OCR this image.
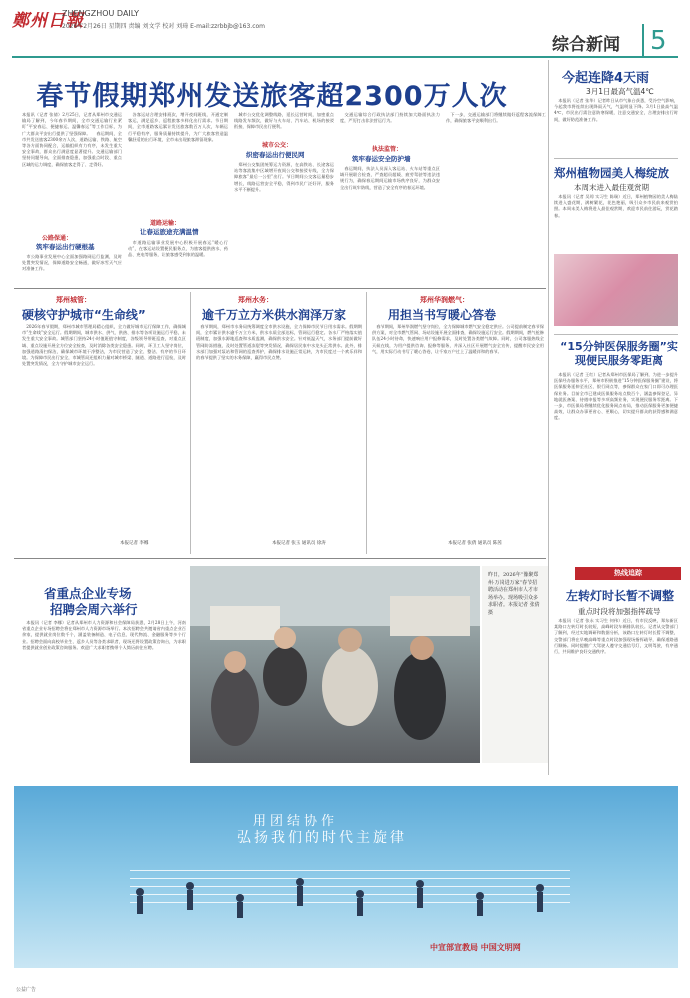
鄭州日報
ZHENGZHOU DAILY
2026年2月26日 星期四 责编 刘文学 校对 刘琦 E-mail:zzrbbjb@163.com
综合新闻 5
春节假期郑州发送旅客超2300万人次
本报讯（记者 张倩）2月25日，记者从郑州市交通运输局了解到，今年春节期间，全市交通运输行业紧盯“平安春运、便捷春运、温馨春运”等工作目标，为广大群众平安出行提供了坚强保障。 　春运期间，全市共发送旅客2300余万人次，道路运输、铁路、航空等各方面协同配合，运输组织有力有序，未发生重大安全事故，群众出行满意度显著提升。交通运输部门坚持问题导向，全面排查隐患，加强重点时段、重点区域的运力调度，确保旅客走得了、走得好。
公路保通：
筑牢春运出行硬根基
　市公路事业发展中心全面加强路网运行监测，及时处置突发情况，保障道路安全畅通，做好冰雪天气应对准备工作。
　各客运站合理安排班次，增开夜间班线，开通定制客运，满足返乡、返程旅客多样化出行需求。节日期间，全市道路客运累计发送旅客数百万人次，车辆运行平稳有序，服务质量持续提升，为广大旅客营造温馨舒适的出行环境，全市未出现旅客滞留现象。
道路运输：
让春运旅途充满温情
　市道路运输事业发展中心积极开展春运“暖心行动”，在客运站设置便民服务点，为旅客提供热水、药品、充电等服务，让旅客感受到家的温暖。
　城市公交优化调整线路，延长运营时间，加密重点线路发车频次，做好与火车站、汽车站、机场的接驳衔接，保障市民出行便利。
城市公交：
织密春运出行便民网
　郑州公交集团统筹运力资源，在高铁站、长途客运站等客流集中区域增开夜间公交和接驳专线，全力保障旅客“最后一公里”出行。节日期间公交客运量稳步增长，线路运营安全平稳，得到市民广泛好评，服务水平不断提升。
　交通运输综合行政执法部门持续加大路面执法力度，严厉打击非法营运行为。
执法监管：
筑牢春运安全防护墙
　春运期间，执法人员深入客运站、火车站等重点区域开展联合检查，严查超员超载、疲劳驾驶等违法违规行为，确保春运期间运输市场秩序良好，为群众安全出行筑牢防线，营造了安全有序的春运环境。
　下一步，交通运输部门将继续做好返程客流保障工作，确保旅客平安顺利出行。
今起连降4天雨
3月1日最高气温4℃
　本报讯（记者 张华）记者昨日从市气象台获悉，受冷空气影响，今起我市将连续出现降雨天气，气温明显下降。3月1日最高气温4℃，市民出行需注意防寒保暖，注意交通安全，合理安排出行时间，做好防范准备工作。
郑州植物园美人梅绽放
本周末进入最佳观赏期
　本报讯（记者 吴琼 实习生 陈瑞）近日，郑州植物园的美人梅陆续进入盛花期，满树繁花，花色艳丽，吸引众多市民前来观赏拍照。本周末美人梅将进入最佳观赏期，欢迎市民前往游玩，赏花踏春。
“15分钟医保服务圈”实现便民服务零距离
　本报讯（记者 王红）记者从郑州市医保局了解到，为进一步提升医保经办服务水平，郑州市积极推进“15分钟医保服务圈”建设，将医保服务延伸至社区、银行网点等，参保群众在家门口即可办理医保业务。目前全市已建成医保服务站点数百个，涵盖参保登记、异地就医备案、待遇申报等多项高频业务，实现便民服务零距离。下一步，市医保局将继续优化服务网点布局，推动医保服务更加便捷高效，让群众办事更省心、更顺心，切实提升群众的获得感和满意度。
热线追踪
左转灯时长暂不调整
重点时段将加强指挥疏导
　本报讯（记者 张永 实习生 何伟）近日，有市民反映，郑东新区某路口左转灯时长较短，高峰时段车辆排队较长。记者从交警部门了解到，经过实地调研和数据分析，该路口左转灯时长暂不调整，交警部门将在早晚高峰等重点时段加强现场指挥疏导，确保道路通行顺畅。同时提醒广大驾驶人遵守交通信号灯，文明驾驶，有序通行，共同维护良好交通秩序。
郑州城管：
硬核守护城市“生命线”
　2026年春节假期，郑州市城市管理局精心组织，全力做好城市运行保障工作，确保城市“生命线”安全运行。假期期间，城市供水、供气、供热、排水等各项设施运行平稳，未发生重大安全事故。城管部门坚持24小时值班值守制度，各级领导带班巡查，对重点区域、重点设施开展全方位安全检查，及时消除各类安全隐患。同时，环卫工人坚守岗位，加强道路清扫保洁，确保城市环境干净整洁，为市民营造了安全、整洁、有序的节日环境。为保障市民出行安全，市城管局还组织力量对城市桥梁、隧道、道路进行巡检，及时处置突发情况，全力守护城市安全运行。
本报记者 李娜
郑州水务：
逾千万立方米供水润泽万家
　春节期间，郑州市水务局统筹调度全市供水设施，全力保障市民节日用水需求。假期期间，全市累计供水逾千万立方米，供水水质全部达标，管网运行稳定。各水厂严格落实值班制度，加强水源地巡查和水质监测，确保供水安全。针对低温天气，水务部门提前做好管网防冻措施，及时处置管道冻裂等突发情况，确保居民家中水龙头正常供水。此外，排水部门加强对泵站和管网的巡查养护，确保排水设施正常运转，为市民度过一个欢乐祥和的春节提供了坚实的水务保障，赢得市民点赞。
本报记者 张玉 通讯员 徐涛
郑州华润燃气：
用担当书写暖心答卷
　春节期间，郑州华润燃气坚守岗位，全力保障城市燃气安全稳定供应。公司提前制定春节保供方案，对全市燃气管网、场站设施开展全面排查，确保设施运行安全。假期期间，燃气抢修队伍24小时待命，快速响应用户报修需求，及时处置各类燃气故障。同时，公司客服热线全天候在线，为用户提供咨询、报修等服务，并深入社区开展燃气安全宣传，提醒市民安全用气，用实际行动书写了暖心答卷，让千家万户过上了温暖祥和的春节。
本报记者 张倩 通讯员 陈茜
省重点企业专场
招聘会周六举行
　本报讯（记者 李娜）记者从郑州市人力资源和社会保障局获悉，2月28日上午，河南省重点企业专场招聘会将在郑州市人力资源市场举行。本次招聘会共邀请省内重点企业百余家，提供就业岗位数千个，涵盖装备制造、电子信息、现代物流、金融服务等多个行业。招聘会面向高校毕业生、返乡人员等各类求职者，现场还将设置政策咨询台，为求职者提供就业创业政策咨询服务。欢迎广大求职者携带个人简历前往应聘。
昨日，2026年“豫聚郑州·万岗进万家”春节招聘活动在郑州市人才市场举办。现场吸引众多求职者。本报记者 张倩 摄
用团结协作
弘扬我们的时代主旋律
中宣部宣教局 中国文明网
公益广告
